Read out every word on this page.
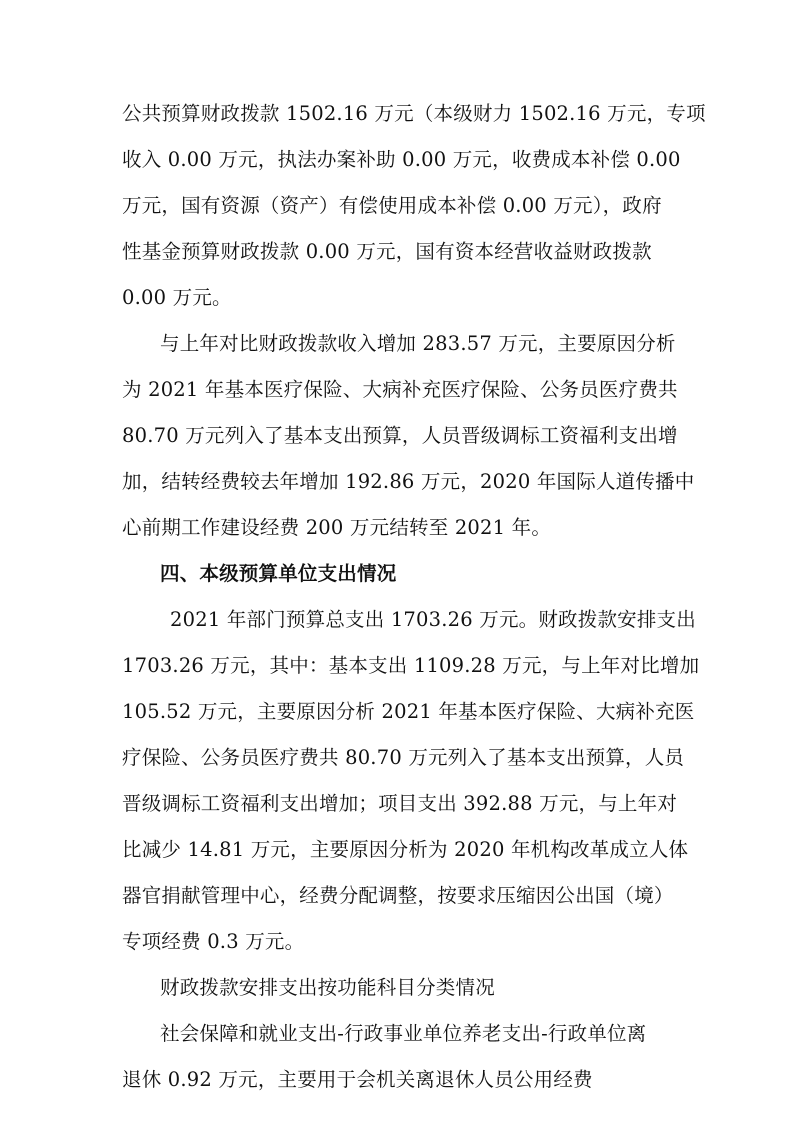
公共预算财政拨款 1502.16 万元（本级财力 1502.16 万元，专项
收入 0.00 万元，执法办案补助 0.00 万元，收费成本补偿 0.00
万元，国有资源（资产）有偿使用成本补偿 0.00 万元），政府
性基金预算财政拨款 0.00 万元，国有资本经营收益财政拨款
0.00 万元。
与上年对比财政拨款收入增加 283.57 万元，主要原因分析
为 2021 年基本医疗保险、大病补充医疗保险、公务员医疗费共
80.70 万元列入了基本支出预算，人员晋级调标工资福利支出增
加，结转经费较去年增加 192.86 万元，2020 年国际人道传播中
心前期工作建设经费 200 万元结转至 2021 年。
四、本级预算单位支出情况
2021 年部门预算总支出 1703.26 万元。财政拨款安排支出
1703.26 万元，其中：基本支出 1109.28 万元，与上年对比增加
105.52 万元，主要原因分析 2021 年基本医疗保险、大病补充医
疗保险、公务员医疗费共 80.70 万元列入了基本支出预算，人员
晋级调标工资福利支出增加；项目支出 392.88 万元，与上年对
比减少 14.81 万元，主要原因分析为 2020 年机构改革成立人体
器官捐献管理中心，经费分配调整，按要求压缩因公出国（境）
专项经费 0.3 万元。
财政拨款安排支出按功能科目分类情况
社会保障和就业支出-行政事业单位养老支出-行政单位离
退休 0.92 万元，主要用于会机关离退休人员公用经费
